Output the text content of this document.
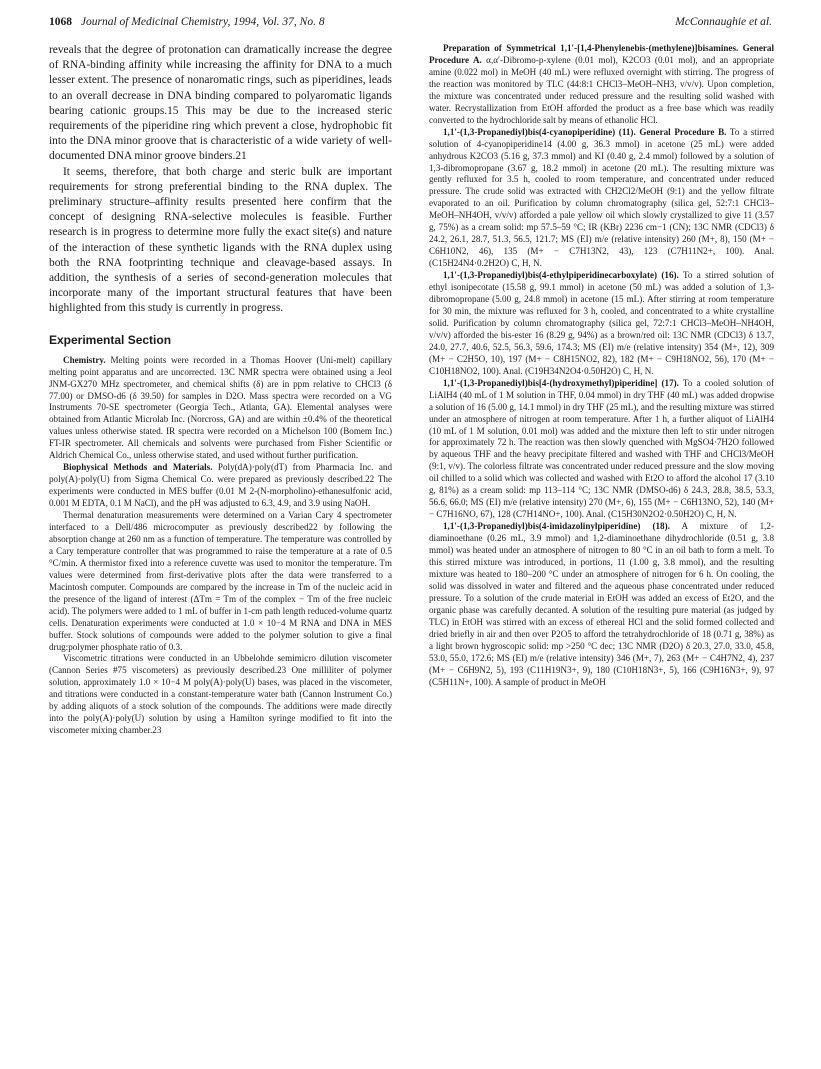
1068 Journal of Medicinal Chemistry, 1994, Vol. 37, No. 8	McConnaughie et al.

reveals that the degree of protonation can dramatically increase the degree of RNA-binding affinity while increasing the affinity for DNA to a much lesser extent. The presence of nonaromatic rings, such as piperidines, leads to an overall decrease in DNA binding compared to polyaromatic ligands bearing cationic groups.15 This may be due to the increased steric requirements of the piperidine ring which prevent a close, hydrophobic fit into the DNA minor groove that is characteristic of a wide variety of well-documented DNA minor groove binders.21

It seems, therefore, that both charge and steric bulk are important requirements for strong preferential binding to the RNA duplex. The preliminary structure–affinity results presented here confirm that the concept of designing RNA-selective molecules is feasible. Further research is in progress to determine more fully the exact site(s) and nature of the interaction of these synthetic ligands with the RNA duplex using both the RNA footprinting technique and cleavage-based assays. In addition, the synthesis of a series of second-generation molecules that incorporate many of the important structural features that have been highlighted from this study is currently in progress.

Experimental Section

Chemistry. Melting points were recorded in a Thomas Hoover (Uni-melt) capillary melting point apparatus and are uncorrected. 13C NMR spectra were obtained using a Jeol JNM-GX270 MHz spectrometer, and chemical shifts (δ) are in ppm relative to CHCl3 (δ 77.00) or DMSO-d6 (δ 39.50) for samples in D2O. Mass spectra were recorded on a VG Instruments 70-SE spectrometer (Georgia Tech., Atlanta, GA). Elemental analyses were obtained from Atlantic Microlab Inc. (Norcross, GA) and are within ±0.4% of the theoretical values unless otherwise stated. IR spectra were recorded on a Michelson 100 (Bomem Inc.) FT-IR spectrometer. All chemicals and solvents were purchased from Fisher Scientific or Aldrich Chemical Co., unless otherwise stated, and used without further purification.

Biophysical Methods and Materials. Poly(dA)·poly(dT) from Pharmacia Inc. and poly(A)·poly(U) from Sigma Chemical Co. were prepared as previously described.22 The experiments were conducted in MES buffer (0.01 M 2-(N-morpholino)-ethanesulfonic acid, 0.001 M EDTA, 0.1 M NaCl), and the pH was adjusted to 6.3, 4.9, and 3.9 using NaOH.

Thermal denaturation measurements were determined on a Varian Cary 4 spectrometer interfaced to a Dell/486 microcomputer as previously described22 by following the absorption change at 260 nm as a function of temperature. The temperature was controlled by a Cary temperature controller that was programmed to raise the temperature at a rate of 0.5 °C/min. A thermistor fixed into a reference cuvette was used to monitor the temperature. Tm values were determined from first-derivative plots after the data were transferred to a Macintosh computer. Compounds are compared by the increase in Tm of the nucleic acid in the presence of the ligand of interest (ΔTm = Tm of the complex − Tm of the free nucleic acid). The polymers were added to 1 mL of buffer in 1-cm path length reduced-volume quartz cells. Denaturation experiments were conducted at 1.0 × 10−4 M RNA and DNA in MES buffer. Stock solutions of compounds were added to the polymer solution to give a final drug:polymer phosphate ratio of 0.3.

Viscometric titrations were conducted in an Ubbelohde semimicro dilution viscometer (Cannon Series #75 viscometers) as previously described.23 One milliliter of polymer solution, approximately 1.0 × 10−4 M poly(A)·poly(U) bases, was placed in the viscometer, and titrations were conducted in a constant-temperature water bath (Cannon Instrument Co.) by adding aliquots of a stock solution of the compounds. The additions were made directly into the poly(A)·poly(U) solution by using a Hamilton syringe modified to fit into the viscometer mixing chamber.23

Preparation of Symmetrical 1,1′-[1,4-Phenylenebis-(methylene)]bisamines. General Procedure A. α,α′-Dibromo-p-xylene (0.01 mol), K2CO3 (0.01 mol), and an appropriate amine (0.022 mol) in MeOH (40 mL) were refluxed overnight with stirring. The progress of the reaction was monitored by TLC (44:8:1 CHCl3–MeOH–NH3, v/v/v). Upon completion, the mixture was concentrated under reduced pressure and the resulting solid washed with water. Recrystallization from EtOH afforded the product as a free base which was readily converted to the hydrochloride salt by means of ethanolic HCl.

1,1′-(1,3-Propanediyl)bis(4-cyanopiperidine) (11). General Procedure B. To a stirred solution of 4-cyanopiperidine14 (4.00 g, 36.3 mmol) in acetone (25 mL) were added anhydrous K2CO3 (5.16 g, 37.3 mmol) and KI (0.40 g, 2.4 mmol) followed by a solution of 1,3-dibromopropane (3.67 g, 18.2 mmol) in acetone (20 mL). The resulting mixture was gently refluxed for 3.5 h, cooled to room temperature, and concentrated under reduced pressure. The crude solid was extracted with CH2Cl2/MeOH (9:1) and the yellow filtrate evaporated to an oil. Purification by column chromatography (silica gel, 52:7:1 CHCl3–MeOH–NH4OH, v/v/v) afforded a pale yellow oil which slowly crystallized to give 11 (3.57 g, 75%) as a cream solid: mp 57.5–59 °C; IR (KBr) 2236 cm−1 (CN); 13C NMR (CDCl3) δ 24.2, 26.1, 28.7, 51.3, 56.5, 121.7; MS (EI) m/e (relative intensity) 260 (M+, 8), 150 (M+ − C6H10N2, 46), 135 (M+ − C7H13N2, 43), 123 (C7H11N2+, 100). Anal. (C15H24N4·0.2H2O) C, H, N.

1,1′-(1,3-Propanediyl)bis(4-ethylpiperidinecarboxylate) (16). To a stirred solution of ethyl isonipecotate (15.58 g, 99.1 mmol) in acetone (50 mL) was added a solution of 1,3-dibromopropane (5.00 g, 24.8 mmol) in acetone (15 mL). After stirring at room temperature for 30 min, the mixture was refluxed for 3 h, cooled, and concentrated to a white crystalline solid. Purification by column chromatography (silica gel, 72:7:1 CHCl3–MeOH–NH4OH, v/v/v) afforded the bis-ester 16 (8.29 g, 94%) as a brown/red oil: 13C NMR (CDCl3) δ 13.7, 24.0, 27.7, 40.6, 52.5, 56.3, 59.6, 174.3; MS (EI) m/e (relative intensity) 354 (M+, 12), 309 (M+ − C2H5O, 10), 197 (M+ − C8H15NO2, 82), 182 (M+ − C9H18NO2, 56), 170 (M+ − C10H18NO2, 100). Anal. (C19H34N2O4·0.50H2O) C, H, N.

1,1′-(1,3-Propanediyl)bis[4-(hydroxymethyl)piperidine] (17). To a cooled solution of LiAlH4 (40 mL of 1 M solution in THF, 0.04 mmol) in dry THF (40 mL) was added dropwise a solution of 16 (5.00 g, 14.1 mmol) in dry THF (25 mL), and the resulting mixture was stirred under an atmosphere of nitrogen at room temperature. After 1 h, a further aliquot of LiAlH4 (10 mL of 1 M solution, 0.01 mol) was added and the mixture then left to stir under nitrogen for approximately 72 h. The reaction was then slowly quenched with MgSO4·7H2O followed by aqueous THF and the heavy precipitate filtered and washed with THF and CHCl3/MeOH (9:1, v/v). The colorless filtrate was concentrated under reduced pressure and the slow moving oil chilled to a solid which was collected and washed with Et2O to afford the alcohol 17 (3.10 g, 81%) as a cream solid: mp 113–114 °C; 13C NMR (DMSO-d6) δ 24.3, 28.8, 38.5, 53.3, 56.6, 66.0; MS (EI) m/e (relative intensity) 270 (M+, 6), 155 (M+ − C6H13NO, 52), 140 (M+ − C7H16NO, 67), 128 (C7H14NO+, 100). Anal. (C15H30N2O2·0.50H2O) C, H, N.

1,1′-(1,3-Propanediyl)bis(4-imidazolinylpiperidine) (18). A mixture of 1,2-diaminoethane (0.26 mL, 3.9 mmol) and 1,2-diaminoethane dihydrochloride (0.51 g, 3.8 mmol) was heated under an atmosphere of nitrogen to 80 °C in an oil bath to form a melt. To this stirred mixture was introduced, in portions, 11 (1.00 g, 3.8 mmol), and the resulting mixture was heated to 180–200 °C under an atmosphere of nitrogen for 6 h. On cooling, the solid was dissolved in water and filtered and the aqueous phase concentrated under reduced pressure. To a solution of the crude material in EtOH was added an excess of Et2O, and the organic phase was carefully decanted. A solution of the resulting pure material (as judged by TLC) in EtOH was stirred with an excess of ethereal HCl and the solid formed collected and dried briefly in air and then over P2O5 to afford the tetrahydrochloride of 18 (0.71 g, 38%) as a light brown hygroscopic solid: mp >250 °C dec; 13C NMR (D2O) δ 20.3, 27.0, 33.0, 45.8, 53.0, 55.0, 172.6; MS (EI) m/e (relative intensity) 346 (M+, 7), 263 (M+ − C4H7N2, 4), 237 (M+ − C6H9N2, 5), 193 (C11H19N3+, 9), 180 (C10H18N3+, 5), 166 (C9H16N3+, 9), 97 (C5H11N+, 100). A sample of product in MeOH
